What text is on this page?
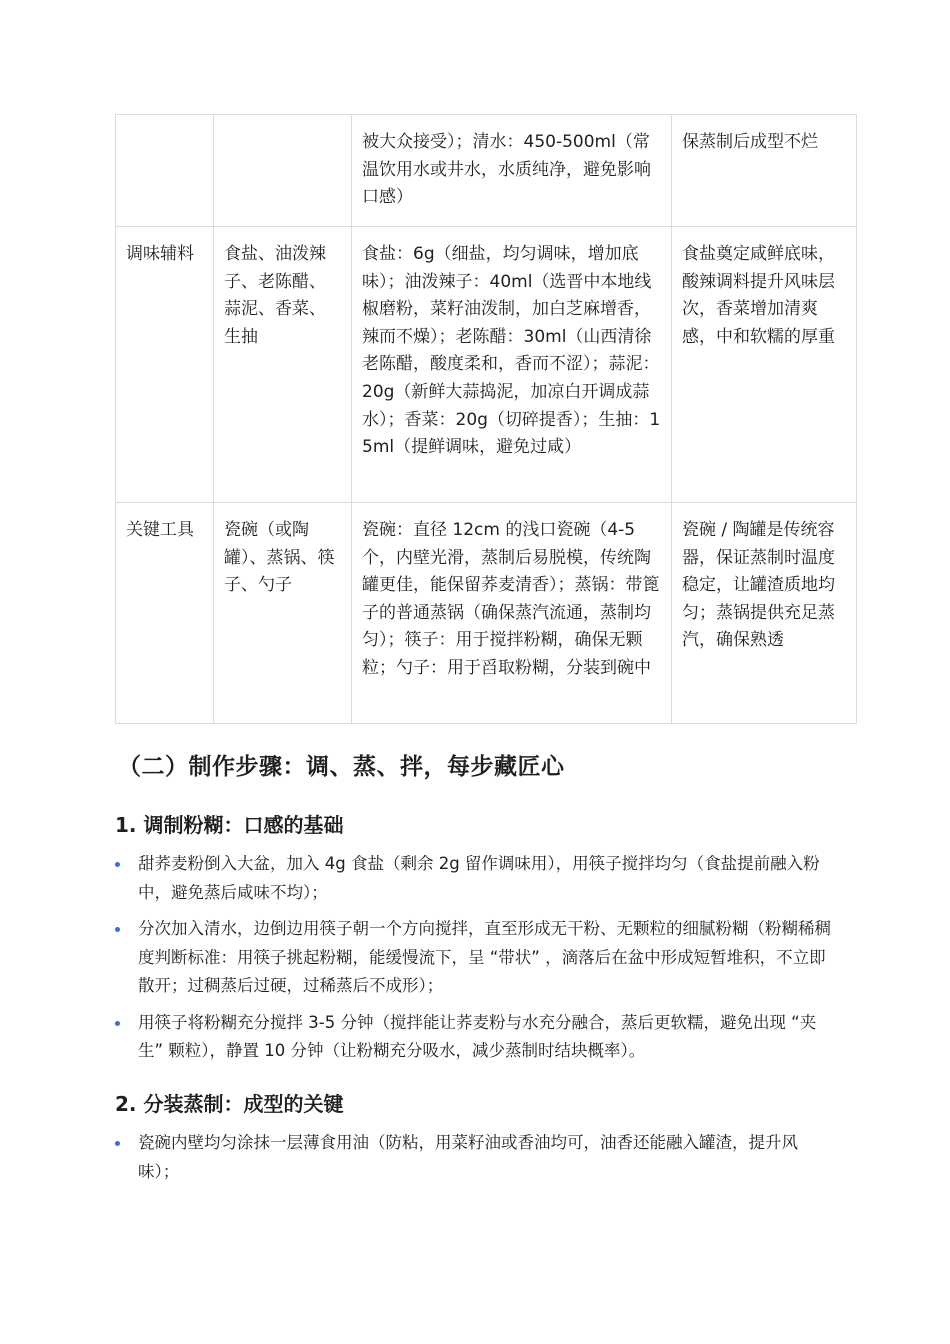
		被大众接受）；清水：450-500ml（常温饮用水或井水，水质纯净，避免影响口感）	保蒸制后成型不烂
调味辅料	食盐、油泼辣子、老陈醋、蒜泥、香菜、生抽	食盐：6g（细盐，均匀调味，增加底味）；油泼辣子：40ml（选晋中本地线椒磨粉，菜籽油泼制，加白芝麻增香，辣而不燥）；老陈醋：30ml（山西清徐老陈醋，酸度柔和，香而不涩）；蒜泥：20g（新鲜大蒜捣泥，加凉白开调成蒜水）；香菜：20g（切碎提香）；生抽：15ml（提鲜调味，避免过咸）	食盐奠定咸鲜底味，酸辣调料提升风味层次，香菜增加清爽感，中和软糯的厚重
关键工具	瓷碗（或陶罐）、蒸锅、筷子、勺子	瓷碗：直径 12cm 的浅口瓷碗（4-5 个，内壁光滑，蒸制后易脱模，传统陶罐更佳，能保留荞麦清香）；蒸锅：带篦子的普通蒸锅（确保蒸汽流通，蒸制均匀）；筷子：用于搅拌粉糊，确保无颗粒；勺子：用于舀取粉糊，分装到碗中	瓷碗 / 陶罐是传统容器，保证蒸制时温度稳定，让罐渣质地均匀；蒸锅提供充足蒸汽，确保熟透
（二）制作步骤：调、蒸、拌，每步藏匠心
1. 调制粉糊：口感的基础
甜荞麦粉倒入大盆，加入 4g 食盐（剩余 2g 留作调味用），用筷子搅拌均匀（食盐提前融入粉中，避免蒸后咸味不均）；
分次加入清水，边倒边用筷子朝一个方向搅拌，直至形成无干粉、无颗粒的细腻粉糊（粉糊稀稠度判断标准：用筷子挑起粉糊，能缓慢流下，呈 “带状” ，滴落后在盆中形成短暂堆积，不立即散开；过稠蒸后过硬，过稀蒸后不成形）；
用筷子将粉糊充分搅拌 3-5 分钟（搅拌能让荞麦粉与水充分融合，蒸后更软糯，避免出现 “夹生” 颗粒），静置 10 分钟（让粉糊充分吸水，减少蒸制时结块概率）。
2. 分装蒸制：成型的关键
瓷碗内壁均匀涂抹一层薄食用油（防粘，用菜籽油或香油均可，油香还能融入罐渣，提升风味）；
